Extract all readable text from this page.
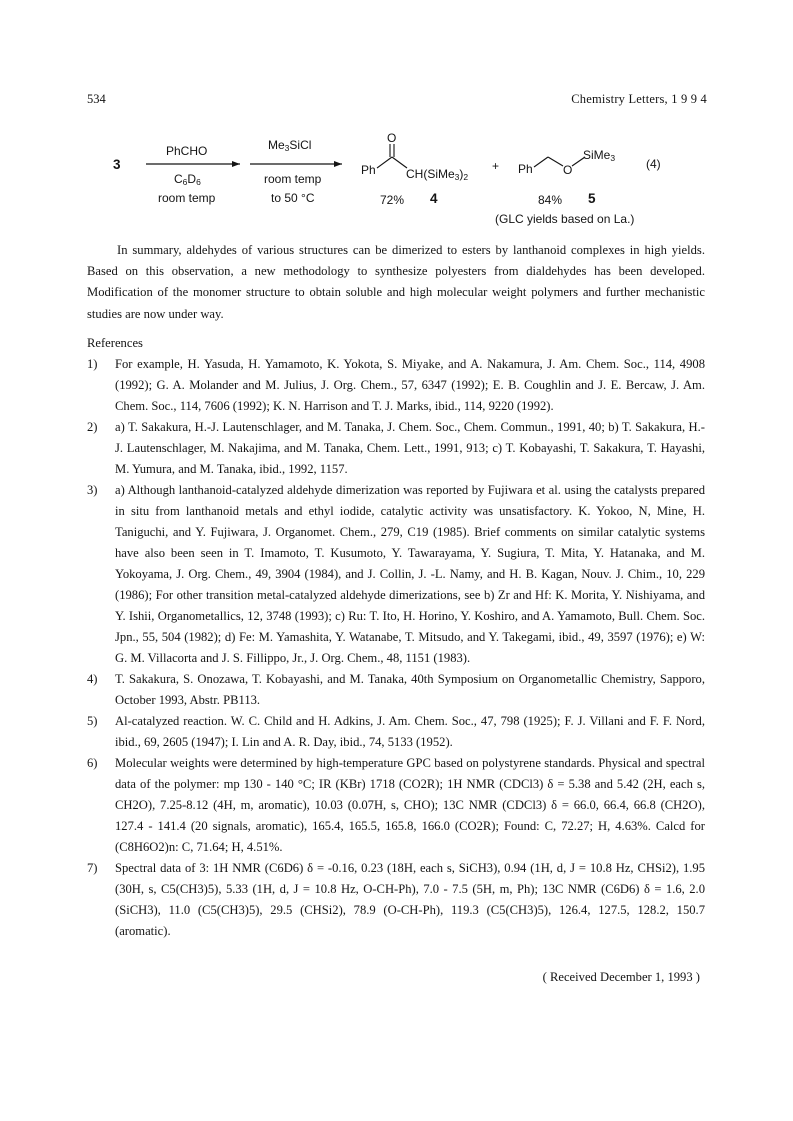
534	Chemistry Letters, 1 9 9 4
3
PhCHO
$C_6D_6$
room temp
$Me_3SiCl$
room temp
to 50 °C
O
Ph	$CH(SiMe_3)_2$
72% 4
+ Ph	O
SiMe$_3$	(4)
84% 5
(GLC yields based on La.)
In summary, aldehydes of various structures can be dimerized to esters by lanthanoid complexes in high yields. Based on this observation, a new methodology to synthesize polyesters from dialdehydes has been developed. Modification of the monomer structure to obtain soluble and high molecular weight polymers and further mechanistic studies are now under way.
References
1) For example, H. Yasuda, H. Yamamoto, K. Yokota, S. Miyake, and A. Nakamura, J. Am. Chem. Soc., 114, 4908 (1992); G. A. Molander and M. Julius, J. Org. Chem., 57, 6347 (1992); E. B. Coughlin and J. E. Bercaw, J. Am. Chem. Soc., 114, 7606 (1992); K. N. Harrison and T. J. Marks, ibid., 114, 9220 (1992).
2) a) T. Sakakura, H.-J. Lautenschlager, and M. Tanaka, J. Chem. Soc., Chem. Commun., 1991, 40; b) T. Sakakura, H.-J. Lautenschlager, M. Nakajima, and M. Tanaka, Chem. Lett., 1991, 913; c) T. Kobayashi, T. Sakakura, T. Hayashi, M. Yumura, and M. Tanaka, ibid., 1992, 1157.
3) a) Although lanthanoid-catalyzed aldehyde dimerization was reported by Fujiwara et al. using the catalysts prepared in situ from lanthanoid metals and ethyl iodide, catalytic activity was unsatisfactory. K. Yokoo, N, Mine, H. Taniguchi, and Y. Fujiwara, J. Organomet. Chem., 279, C19 (1985). Brief comments on similar catalytic systems have also been seen in T. Imamoto, T. Kusumoto, Y. Tawarayama, Y. Sugiura, T. Mita, Y. Hatanaka, and M. Yokoyama, J. Org. Chem., 49, 3904 (1984), and J. Collin, J. -L. Namy, and H. B. Kagan, Nouv. J. Chim., 10, 229 (1986); For other transition metal-catalyzed aldehyde dimerizations, see b) Zr and Hf: K. Morita, Y. Nishiyama, and Y. Ishii, Organometallics, 12, 3748 (1993); c) Ru: T. Ito, H. Horino, Y. Koshiro, and A. Yamamoto, Bull. Chem. Soc. Jpn., 55, 504 (1982); d) Fe: M. Yamashita, Y. Watanabe, T. Mitsudo, and Y. Takegami, ibid., 49, 3597 (1976); e) W: G. M. Villacorta and J. S. Fillippo, Jr., J. Org. Chem., 48, 1151 (1983).
4) T. Sakakura, S. Onozawa, T. Kobayashi, and M. Tanaka, 40th Symposium on Organometallic Chemistry, Sapporo, October 1993, Abstr. PB113.
5) Al-catalyzed reaction. W. C. Child and H. Adkins, J. Am. Chem. Soc., 47, 798 (1925); F. J. Villani and F. F. Nord, ibid., 69, 2605 (1947); I. Lin and A. R. Day, ibid., 74, 5133 (1952).
6) Molecular weights were determined by high-temperature GPC based on polystyrene standards. Physical and spectral data of the polymer: mp 130 - 140 °C; IR (KBr) 1718 (CO2R); 1H NMR (CDCl3) δ = 5.38 and 5.42 (2H, each s, CH2O), 7.25-8.12 (4H, m, aromatic), 10.03 (0.07H, s, CHO); 13C NMR (CDCl3) δ = 66.0, 66.4, 66.8 (CH2O), 127.4 - 141.4 (20 signals, aromatic), 165.4, 165.5, 165.8, 166.0 (CO2R); Found: C, 72.27; H, 4.63%. Calcd for (C8H6O2)n: C, 71.64; H, 4.51%.
7) Spectral data of 3: 1H NMR (C6D6) δ = -0.16, 0.23 (18H, each s, SiCH3), 0.94 (1H, d, J = 10.8 Hz, CHSi2), 1.95 (30H, s, C5(CH3)5), 5.33 (1H, d, J = 10.8 Hz, O-CH-Ph), 7.0 - 7.5 (5H, m, Ph); 13C NMR (C6D6) δ = 1.6, 2.0 (SiCH3), 11.0 (C5(CH3)5), 29.5 (CHSi2), 78.9 (O-CH-Ph), 119.3 (C5(CH3)5), 126.4, 127.5, 128.2, 150.7 (aromatic).
( Received December 1, 1993 )
